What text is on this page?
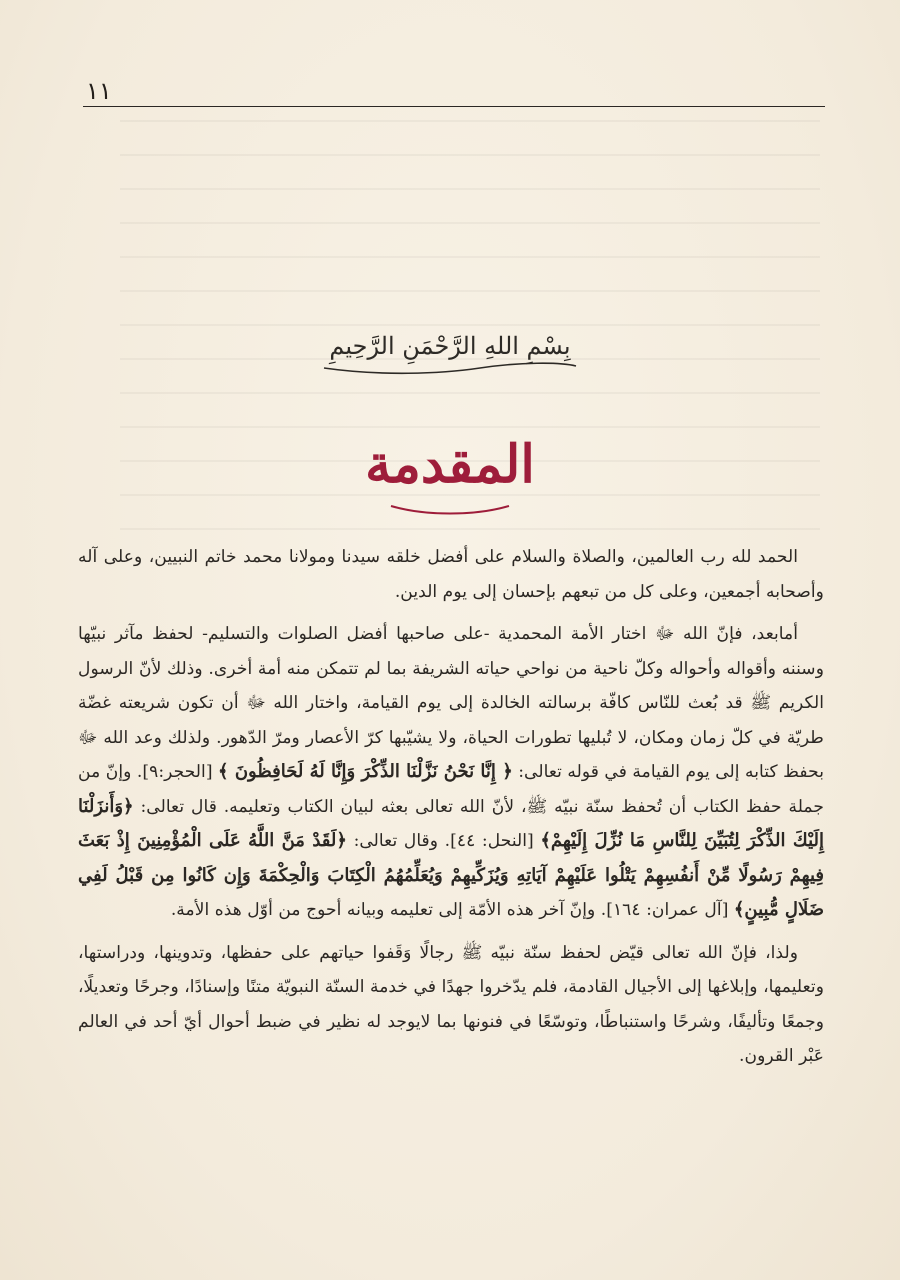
١١
بِسْمِ اللهِ الرَّحْمَنِ الرَّحِيمِ
المقدمة

الحمد لله رب العالمين، والصلاة والسلام على أفضل خلقه سيدنا ومولانا محمد خاتم النبيين، وعلى آله وأصحابه أجمعين، وعلى كل من تبعهم بإحسان إلى يوم الدين.

أمابعد، فإنّ الله ﷻ اختار الأمة المحمدية -على صاحبها أفضل الصلوات والتسليم- لحفظ مآثر نبيّها وسننه وأقواله وأحواله وكلّ ناحية من نواحي حياته الشريفة بما لم تتمكن منه أمة أخرى. وذلك لأنّ الرسول الكريم ﷺ قد بُعث للنّاس كافّة برسالته الخالدة إلى يوم القيامة، واختار الله ﷻ أن تكون شريعته غضّة طريّة في كلّ زمان ومكان، لا تُبليها تطورات الحياة، ولا يشيّبها كرّ الأعصار ومرّ الدّهور. ولذلك وعد الله ﷻ بحفظ كتابه إلى يوم القيامة في قوله تعالى: ﴿ إِنَّا نَحْنُ نَزَّلْنَا الذِّكْرَ وَإِنَّا لَهُ لَحَافِظُونَ ﴾ [الحجر:٩]. وإنّ من جملة حفظ الكتاب أن تُحفظ سنّة نبيّه ﷺ، لأنّ الله تعالى بعثه لبيان الكتاب وتعليمه. قال تعالى: ﴿وَأَنزَلْنَا إِلَيْكَ الذِّكْرَ لِتُبَيِّنَ لِلنَّاسِ مَا نُزِّلَ إِلَيْهِمْ﴾ [النحل: ٤٤]. وقال تعالى: ﴿لَقَدْ مَنَّ اللَّهُ عَلَى الْمُؤْمِنِينَ إِذْ بَعَثَ فِيهِمْ رَسُولًا مِّنْ أَنفُسِهِمْ يَتْلُوا عَلَيْهِمْ آيَاتِهِ وَيُزَكِّيهِمْ وَيُعَلِّمُهُمُ الْكِتَابَ وَالْحِكْمَةَ وَإِن كَانُوا مِن قَبْلُ لَفِي ضَلَالٍ مُّبِينٍ﴾ [آل عمران: ١٦٤]. وإنّ آخر هذه الأمّة إلى تعليمه وبيانه أحوج من أوّل هذه الأمة.

ولذا، فإنّ الله تعالى قيّض لحفظ سنّة نبيّه ﷺ رجالًا وَقَفوا حياتهم على حفظها، وتدوينها، ودراستها، وتعليمها، وإبلاغها إلى الأجيال القادمة، فلم يدّخروا جهدًا في خدمة السنّة النبويّة متنًا وإسنادًا، وجرحًا وتعديلًا، وجمعًا وتأليفًا، وشرحًا واستنباطًا، وتوسّعًا في فنونها بما لايوجد له نظير في ضبط أحوال أيّ أحد في العالم عَبْر القرون.
